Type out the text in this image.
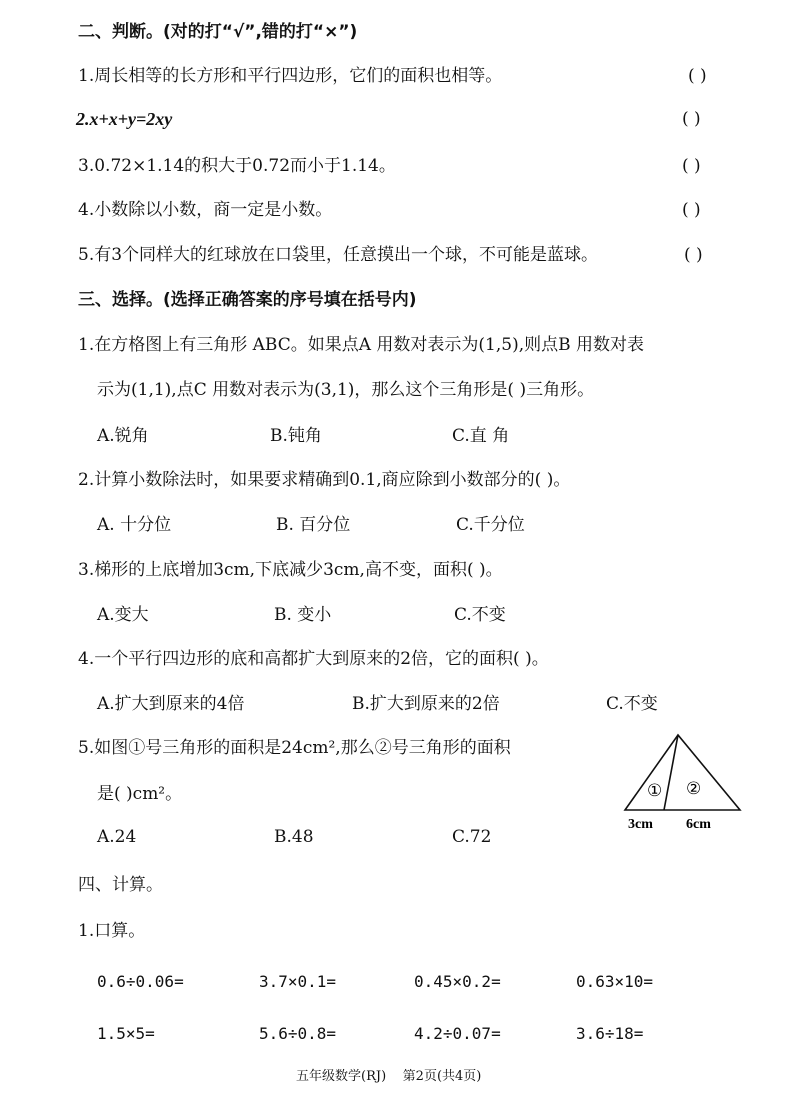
二、判断。(对的打“√”,错的打“×”)
1.周长相等的长方形和平行四边形，它们的面积也相等。	( )
2.x+x+y=2xy	( )
3.0.72×1.14的积大于0.72而小于1.14。	( )
4.小数除以小数，商一定是小数。	( )
5.有3个同样大的红球放在口袋里，任意摸出一个球，不可能是蓝球。	( )
三、选择。(选择正确答案的序号填在括号内)
1.在方格图上有三角形 ABC。如果点A 用数对表示为(1,5),则点B 用数对表
示为(1,1),点C 用数对表示为(3,1)，那么这个三角形是( )三角形。
A.锐角	B.钝角	C.直 角
2.计算小数除法时，如果要求精确到0.1,商应除到小数部分的( )。
A. 十分位	B. 百分位	C.千分位
3.梯形的上底增加3cm,下底减少3cm,高不变，面积( )。
A.变大	B. 变小	C.不变
4.一个平行四边形的底和高都扩大到原来的2倍，它的面积( )。
A.扩大到原来的4倍	B.扩大到原来的2倍	C.不变
5.如图①号三角形的面积是24cm²,那么②号三角形的面积
是( )cm²。
A.24	B.48	C.72
① ②
3cm 6cm
四、计算。
1.口算。
0.6÷0.06=	3.7×0.1=	0.45×0.2=	0.63×10=
1.5×5=	5.6÷0.8=	4.2÷0.07=	3.6÷18=
五年级数学(RJ)    第2页(共4页)
